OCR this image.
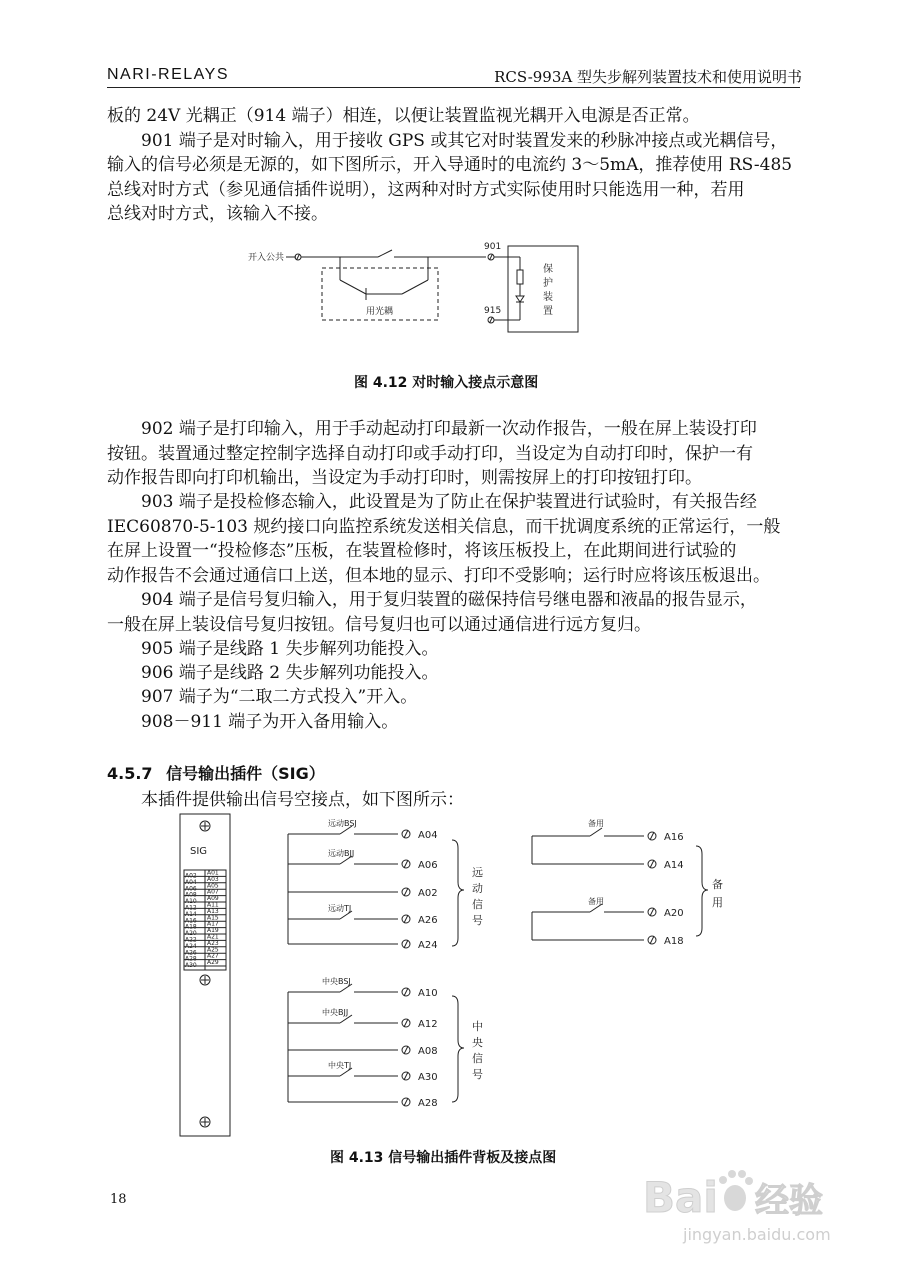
NARI-RELAYS	RCS-993A 型失步解列装置技术和使用说明书

板的 24V 光耦正（914 端子）相连，以便让装置监视光耦开入电源是否正常。
901 端子是对时输入，用于接收 GPS 或其它对时装置发来的秒脉冲接点或光耦信号，
输入的信号必须是无源的，如下图所示，开入导通时的电流约 3～5mA，推荐使用 RS-485
总线对时方式（参见通信插件说明），这两种对时方式实际使用时只能选用一种，若用
总线对时方式，该输入不接。

开入公共
901
用光耦	915
保
护
装
置
图 4.12 对时输入接点示意图

902 端子是打印输入，用于手动起动打印最新一次动作报告，一般在屏上装设打印
按钮。装置通过整定控制字选择自动打印或手动打印，当设定为自动打印时，保护一有
动作报告即向打印机输出，当设定为手动打印时，则需按屏上的打印按钮打印。

903 端子是投检修态输入，此设置是为了防止在保护装置进行试验时，有关报告经
IEC60870-5-103 规约接口向监控系统发送相关信息，而干扰调度系统的正常运行，一般
在屏上设置一“投检修态”压板，在装置检修时，将该压板投上，在此期间进行试验的
动作报告不会通过通信口上送，但本地的显示、打印不受影响；运行时应将该压板退出。

904 端子是信号复归输入，用于复归装置的磁保持信号继电器和液晶的报告显示，
一般在屏上装设信号复归按钮。信号复归也可以通过通信进行远方复归。

905 端子是线路 1 失步解列功能投入。

906 端子是线路 2 失步解列功能投入。

907 端子为“二取二方式投入”开入。

908－911 端子为开入备用输入。

4.5.7 信号输出插件（SIG）

本插件提供输出信号空接点，如下图所示：

SIG
A02
A04
A06
A08
A10
A12
A14
A16
A18
A20
A22
A24
A26
A28
A30
A01
A03
A05
A07
A09
A11
A13
A15
A17
A19
A21
A23
A25
A27
A29
远动BSJ
远动BJJ
远动TJ
A04
A06
A02
A26
A24
远
动
信
号
中央BSJ
中央BJJ
中央TJ
A10
A12
A08
A30
A28
中
央
信
号
备用
A16
A14
备用
A20
A18
备
用
图 4.13 信号输出插件背板及接点图
18	Bai 经验
jingyan.baidu.com
